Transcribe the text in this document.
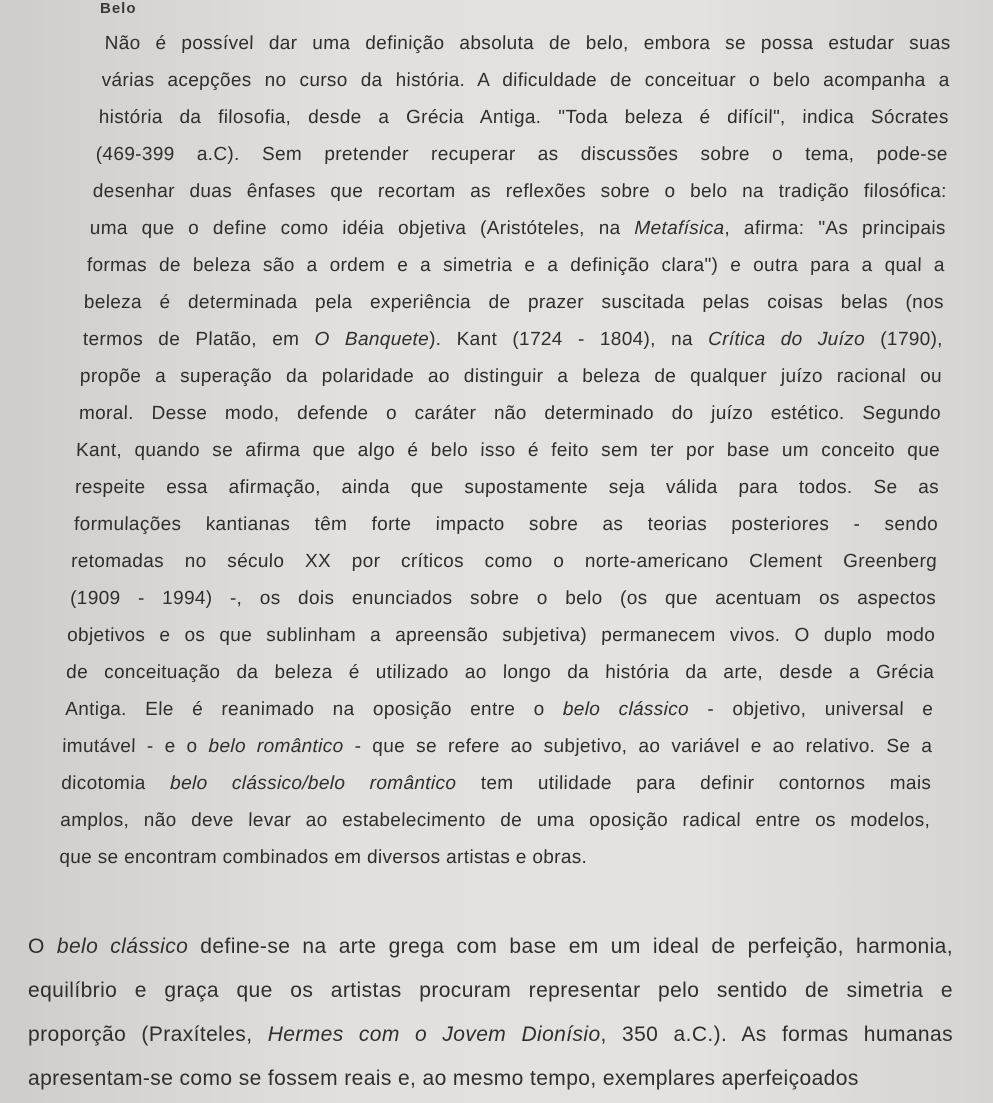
Belo
Não é possível dar uma definição absoluta de belo, embora se possa estudar suas
várias acepções no curso da história. A dificuldade de conceituar o belo acompanha a
história da filosofia, desde a Grécia Antiga. "Toda beleza é difícil", indica Sócrates
(469-399 a.C). Sem pretender recuperar as discussões sobre o tema, pode-se
desenhar duas ênfases que recortam as reflexões sobre o belo na tradição filosófica:
uma que o define como idéia objetiva (Aristóteles, na Metafísica, afirma: "As principais
formas de beleza são a ordem e a simetria e a definição clara") e outra para a qual a
beleza é determinada pela experiência de prazer suscitada pelas coisas belas (nos
termos de Platão, em O Banquete). Kant (1724 - 1804), na Crítica do Juízo (1790),
propõe a superação da polaridade ao distinguir a beleza de qualquer juízo racional ou
moral. Desse modo, defende o caráter não determinado do juízo estético. Segundo
Kant, quando se afirma que algo é belo isso é feito sem ter por base um conceito que
respeite essa afirmação, ainda que supostamente seja válida para todos. Se as
formulações kantianas têm forte impacto sobre as teorias posteriores - sendo
retomadas no século XX por críticos como o norte-americano Clement Greenberg
(1909 - 1994) -, os dois enunciados sobre o belo (os que acentuam os aspectos
objetivos e os que sublinham a apreensão subjetiva) permanecem vivos. O duplo modo
de conceituação da beleza é utilizado ao longo da história da arte, desde a Grécia
Antiga. Ele é reanimado na oposição entre o belo clássico - objetivo, universal e
imutável - e o belo romântico - que se refere ao subjetivo, ao variável e ao relativo. Se a
dicotomia belo clássico/belo romântico tem utilidade para definir contornos mais
amplos, não deve levar ao estabelecimento de uma oposição radical entre os modelos,
que se encontram combinados em diversos artistas e obras.
O belo clássico define-se na arte grega com base em um ideal de perfeição, harmonia,
equilíbrio e graça que os artistas procuram representar pelo sentido de simetria e
proporção (Praxíteles, Hermes com o Jovem Dionísio, 350 a.C.). As formas humanas
apresentam-se como se fossem reais e, ao mesmo tempo, exemplares aperfeiçoados
